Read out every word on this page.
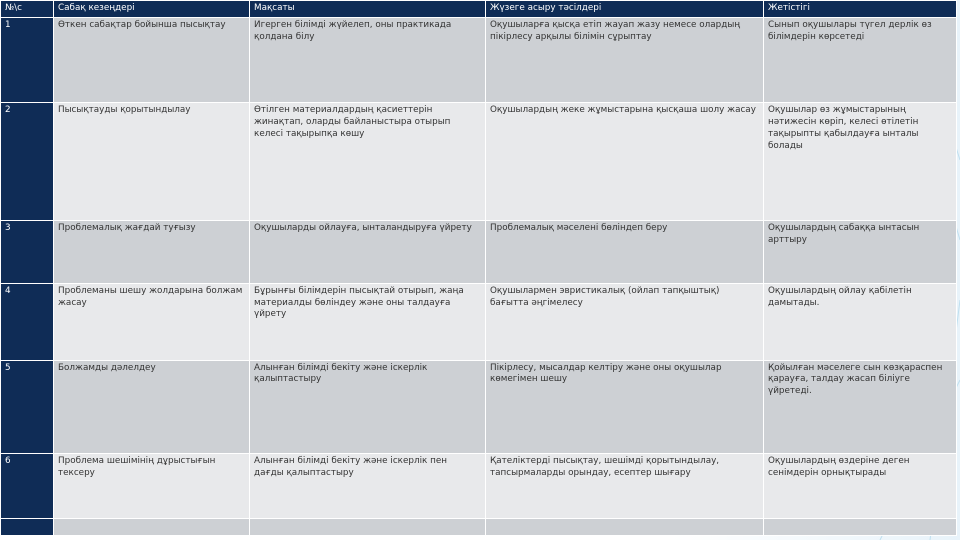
№\с	Сабақ кезеңдері	Мақсаты	Жүзеге асыру тәсілдері	Жетістігі
1	Өткен сабақтар бойынша пысықтау	Игерген білімді жүйелеп, оны практикада қолдана білу	Оқушыларға қысқа етіп жауап жазу немесе олардың пікірлесу арқылы білімін сұрыптау	Сынып оқушылары түгел дерлік өз білімдерін көрсетеді
2	Пысықтауды қорытындылау	Өтілген материалдардың қасиеттерін жинақтап, оларды байланыстыра отырып келесі тақырыпқа көшу	Оқушылардың жеке жұмыстарына қысқаша шолу жасау	Оқушылар өз жұмыстарының нәтижесін көріп, келесі өтілетін тақырыпты қабылдауға ынталы болады
3	Проблемалық жағдай туғызу	Оқушыларды ойлауға, ынталандыруға үйрету	Проблемалық мәселені бөліндеп беру	Оқушылардың сабаққа ынтасын арттыру
4	Проблеманы шешу жолдарына болжам жасау	Бұрынғы білімдерін пысықтай отырып, жаңа материалды бөліндеу және оны талдауға үйрету	Оқушылармен эвристикалық (ойлап тапқыштық) бағытта әңгімелесу	Оқушылардың ойлау қабілетін дамытады.
5	Болжамды дәлелдеу	Алынған білімді бекіту және іскерлік қалыптастыру	Пікірлесу, мысалдар келтіру және оны оқушылар көмегімен шешу	Қойылған мәселеге сын көзқараспен қарауға, талдау жасап біліуге үйретеді.
6	Проблема шешімінің дұрыстығын тексеру	Алынған білімді бекіту және іскерлік пен дағды қалыптастыру	Қателіктерді пысықтау, шешімді қорытындылау, тапсырмаларды орындау, есептер шығару	Оқушылардың өздеріне деген сенімдерін орнықтырады
